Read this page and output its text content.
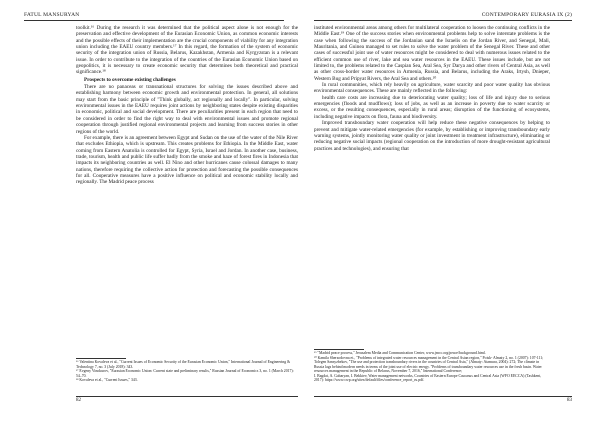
FATUL MANSURYAN

toolkit.¹⁶ During the research it was determined that the political aspect alone is not enough for the preservation and effective development of the Eurasian Economic Union, as common economic interests and the possible effects of their implementation are the crucial components of viability for any integration union including the EAEU country members.¹⁷ In this regard, the formation of the system of economic security of the integration union of Russia, Belarus, Kazakhstan, Armenia and Kyrgyzstan is a relevant issue. In order to contribute to the integration of the countries of the Eurasian Economic Union based on geopolitics, it is necessary to create economic security that determines both theoretical and practical significance.¹⁸

Prospects to overcome existing challenges

There are no panaceas or transnational structures for solving the issues described above and establishing harmony between economic growth and environmental protection. In general, all solutions may start from the basic principle of "Think globally, act regionally and locally". In particular, solving environmental issues in the EAEU requires joint actions by neighboring states despite existing disparities in economic, political and social development. There are peculiarities present in each region that need to be considered in order to find the right way to deal with environmental issues and promote regional cooperation through justified regional environmental projects and learning from success stories in other regions of the world.

For example, there is an agreement between Egypt and Sudan on the use of the water of the Nile River that excludes Ethiopia, which is upstream. This creates problems for Ethiopia. In the Middle East, water coming from Eastern Anatolia is controlled for Egypt, Syria, Israel and Jordan. In another case, business, trade, tourism, health and public life suffer badly from the smoke and haze of forest fires in Indonesia that impacts its neighboring countries as well. El Nino and other hurricanes cause colossal damages to many nations, therefore requiring the collective action for protection and forecasting the possible consequences for all. Cooperative measures have a positive influence on political and economic stability locally and regionally. The Madrid peace process

¹⁶ Valentina Kovaleva et al., "Current Issues of Economic Security of the Eurasian Economic Union," International Journal of Engineering & Technology 7, no. 3 (July 2018): 343.
¹⁷ Evgeny Vinokurov, "Eurasian Economic Union: Current state and preliminary results," Russian Journal of Economics 3, no. 1 (March 2017): 54–70.
¹⁸ Kovaleva et al., "Current Issues," 343.
82
CONTEMPORARY EURASIA IX (2)

instituted environmental areas among others for multilateral cooperation to loosen the continuing conflicts in the Middle East.¹⁹ One of the success stories when environmental problems help to solve interstate problems is the case when following the success of the Jordanian sand the Israelis on the Jordan River, and Senegal, Mali, Mauritania, and Guinea managed to set rules to solve the water problem of the Senegal River. These and other cases of successful joint use of water resources might be considered to deal with numerous issues related to the efficient common use of river, lake and sea water resources in the EAEU. These issues include, but are not limited to, the problems related to the Caspian Sea, Aral Sea, Syr Darya and other rivers of Central Asia, as well as other cross-border water resources in Armenia, Russia, and Belarus, including the Araks, Irtysh, Dnieper, Western Bug and Pripyat Rivers, the Aral Sea and others.²⁰

In rural communities, which rely heavily on agriculture, water scarcity and poor water quality has obvious environmental consequences. These are mainly reflected in the following:

health care costs are increasing due to deteriorating water quality; loss of life and injury due to serious emergencies (floods and mudflows); loss of jobs, as well as an increase in poverty due to water scarcity or excess, or the resulting consequences, especially in rural areas; disruption of the functioning of ecosystems, including negative impacts on flora, fauna and biodiversity.

Improved transboundary water cooperation will help reduce these negative consequences by helping to prevent and mitigate water-related emergencies (for example, by establishing or improving transboundary early warning systems, jointly monitoring water quality or joint investment in treatment infrastructure), eliminating or reducing negative social impacts (regional cooperation on the introduction of more drought-resistant agricultural practices and technologies), and ensuring that

¹⁹ "Madrid peace process," Jerusalem Media and Communication Center, www.jmcc.org/peace/background.html.
²⁰ Kamila Sherzodovna et., "Problems of integrated water resources management in the Central Asian region," Poisk- Almaty 2, no. 1 (2007): 107-111; Tolegen Sansyzbekov, "The use and protection transboundary rivers in the countries of Central Asia," (Almaty: Atamura, 2004): 272; The climate in Russia lags behind modern needs in terms of the joint use of electric energy. "Problems of transboundary water resources use in the fresh basin. Water resources management in the Republic of Belarus, November 7, 2016," International Conference;
I. Bagdat, A. Gabaryan, I. Bekkiev, Water management networks, Countries of Eastern Europe Caucasus and Central Asia (WFO EECCA) (Tashkent, 2017): https://www.cwp.org/sites/default/files/conference_report_ru.pdf.
83
